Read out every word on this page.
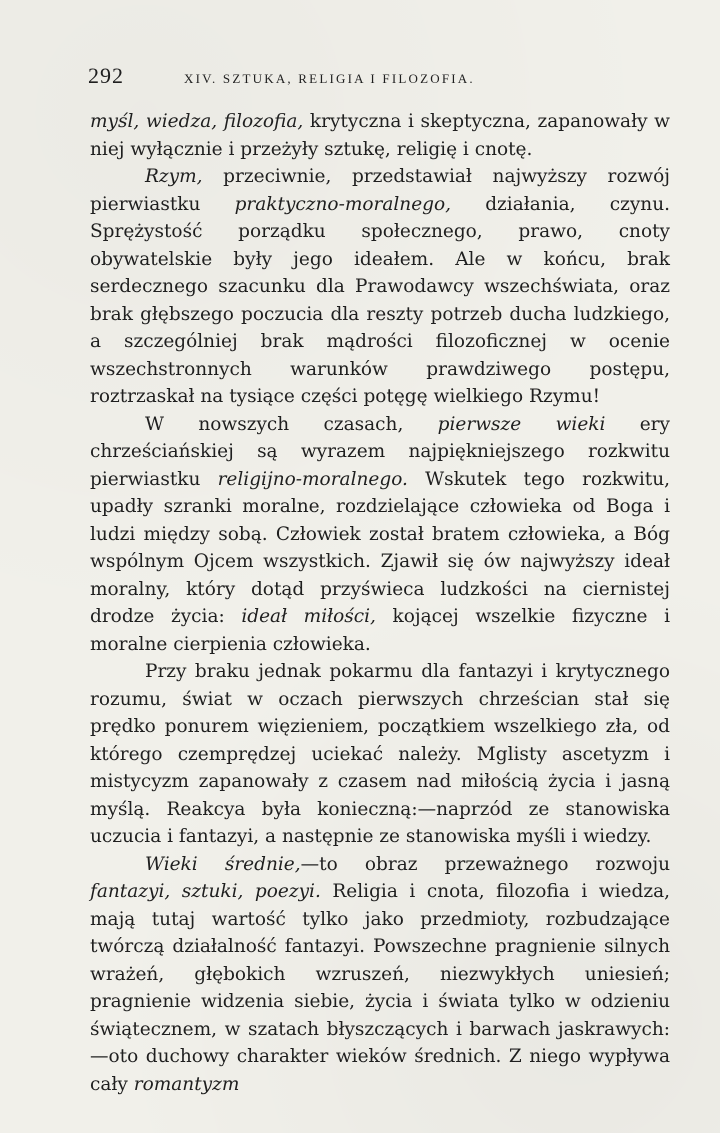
292	XIV. SZTUKA, RELIGIA I FILOZOFIA.

myśl, wiedza, filozofia, krytyczna i skeptyczna, zapanowały w niej wyłącznie i przeżyły sztukę, religię i cnotę.

Rzym, przeciwnie, przedstawiał najwyższy rozwój pierwiastku praktyczno-moralnego, działania, czynu. Sprężystość porządku społecznego, prawo, cnoty obywatelskie były jego ideałem. Ale w końcu, brak serdecznego szacunku dla Prawodawcy wszechświata, oraz brak głębszego poczucia dla reszty potrzeb ducha ludzkiego, a szczególniej brak mądrości filozoficznej w ocenie wszechstronnych warunków prawdziwego postępu, roztrzaskał na tysiące części potęgę wielkiego Rzymu!

W nowszych czasach, pierwsze wieki ery chrześciańskiej są wyrazem najpiękniejszego rozkwitu pierwiastku religijno-moralnego. Wskutek tego rozkwitu, upadły szranki moralne, rozdzielające człowieka od Boga i ludzi między sobą. Człowiek został bratem człowieka, a Bóg wspólnym Ojcem wszystkich. Zjawił się ów najwyższy ideał moralny, który dotąd przyświeca ludzkości na ciernistej drodze życia: ideał miłości, kojącej wszelkie fizyczne i moralne cierpienia człowieka.

Przy braku jednak pokarmu dla fantazyi i krytycznego rozumu, świat w oczach pierwszych chrześcian stał się prędko ponurem więzieniem, początkiem wszelkiego zła, od którego czemprędzej uciekać należy. Mglisty ascetyzm i mistycyzm zapanowały z czasem nad miłością życia i jasną myślą. Reakcya była konieczną:—naprzód ze stanowiska uczucia i fantazyi, a następnie ze stanowiska myśli i wiedzy.

Wieki średnie,—to obraz przeważnego rozwoju fantazyi, sztuki, poezyi. Religia i cnota, filozofia i wiedza, mają tutaj wartość tylko jako przedmioty, rozbudzające twórczą działalność fantazyi. Powszechne pragnienie silnych wrażeń, głębokich wzruszeń, niezwykłych uniesień; pragnienie widzenia siebie, życia i świata tylko w odzieniu świątecznem, w szatach błyszczących i barwach jaskrawych:—oto duchowy charakter wieków średnich. Z niego wypływa cały romantyzm
